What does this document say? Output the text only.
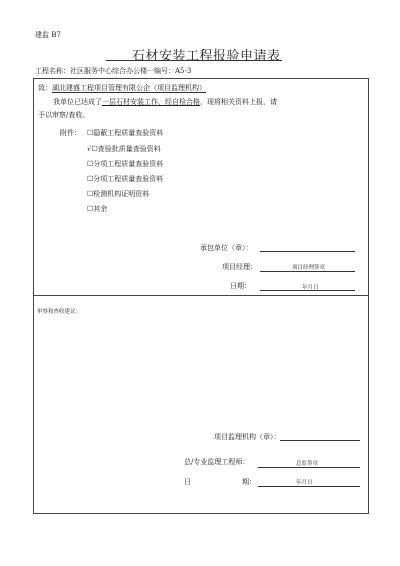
建监 B7
石材安装工程报验申请表
工程名称：社区服务中心综合办公楼一编号：A5-3
致：湖北建盛工程项目管理有限公企（项目监理机构）
我单位已达成了一层石材安装工作，经自检合格，现将相关资料上报，请
予以审察/查收。
附件： ☐隐蔽工程质量查验资料
√☐查验批质量查验资料
☐分项工程质量查验资料
☐分项工程质量查验资料
☐检测机构证明资料
☐其余
承包单位（章）：
项目经理：	项目经理签章
日期：	年月日
审察和查收建议：
项目监理机构（章）：
总/专业监理工程师：	总监签章
日	期：	年月日
